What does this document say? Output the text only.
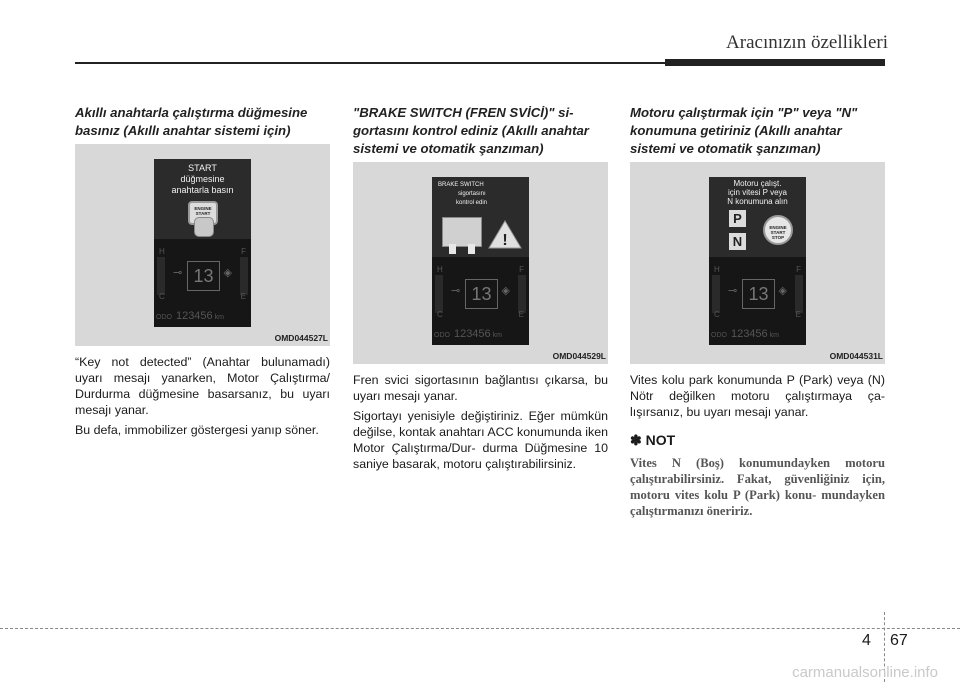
Aracınızın özellikleri

Akıllı anahtarla çalıştırma düğmesine basınız (Akıllı anahtar sistemi için)

START
düğmesine
anahtarla basın
ENGINE
START
H	F
⊸ 13 ◈
C	E
ODO 123456 km
OMD044527L

“Key not detected” (Anahtar bulunamadı) uyarı mesajı yanarken, Motor Çalıştırma/ Durdurma düğmesine basarsanız, bu uyarı mesajı yanar.

Bu defa, immobilizer göstergesi yanıp söner.

"BRAKE SWITCH (FREN SVİCİ)" si- gortasını kontrol ediniz (Akıllı anahtar sistemi ve otomatik şanzıman)

BRAKE SWITCH
sigortasını
kontrol edin
!
H	F
⊸ 13 ◈
C	E
ODO 123456 km
OMD044529L

Fren svici sigortasının bağlantısı çıkarsa, bu uyarı mesajı yanar.

Sigortayı yenisiyle değiştiriniz. Eğer mümkün değilse, kontak anahtarı ACC konumunda iken Motor Çalıştırma/Dur- durma Düğmesine 10 saniye basarak, motoru çalıştırabilirsiniz.

Motoru çalıştırmak için "P" veya "N" konumuna getiriniz (Akıllı anahtar sistemi ve otomatik şanzıman)

Motoru çalışt.
için vitesi P veya
N konumuna alın
P
N
ENGINE
START
STOP
H	F
⊸ 13 ◈
C	E
ODO 123456 km
OMD044531L

Vites kolu park konumunda P (Park) veya (N) Nötr değilken motoru çalıştırmaya ça- lışırsanız, bu uyarı mesajı yanar.

✽ NOT

Vites N (Boş) konumundayken motoru çalıştırabilirsiniz. Fakat, güvenliğiniz için, motoru vites kolu P (Park) konu- mundayken çalıştırmanızı öneririz.

4 67
carmanualsonline.info
